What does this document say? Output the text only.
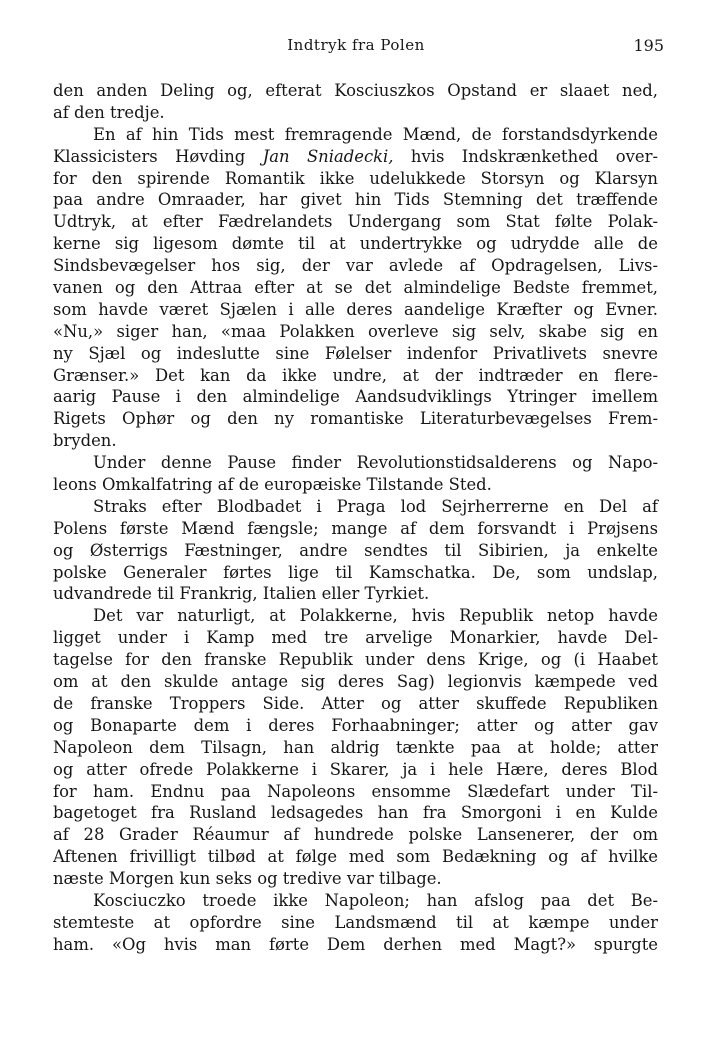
Indtryk fra Polen	195
den anden Deling og, efterat Kosciuszkos Opstand er slaaet ned,
af den tredje.
En af hin Tids mest fremragende Mænd, de forstandsdyrkende
Klassicisters Høvding Jan Sniadecki, hvis Indskrænkethed over-
for den spirende Romantik ikke udelukkede Storsyn og Klarsyn
paa andre Omraader, har givet hin Tids Stemning det træffende
Udtryk, at efter Fædrelandets Undergang som Stat følte Polak-
kerne sig ligesom dømte til at undertrykke og udrydde alle de
Sindsbevægelser hos sig, der var avlede af Opdragelsen, Livs-
vanen og den Attraa efter at se det almindelige Bedste fremmet,
som havde været Sjælen i alle deres aandelige Kræfter og Evner.
«Nu,» siger han, «maa Polakken overleve sig selv, skabe sig en
ny Sjæl og indeslutte sine Følelser indenfor Privatlivets snevre
Grænser.» Det kan da ikke undre, at der indtræder en flere-
aarig Pause i den almindelige Aandsudviklings Ytringer imellem
Rigets Ophør og den ny romantiske Literaturbevægelses Frem-
bryden.
Under denne Pause finder Revolutionstidsalderens og Napo-
leons Omkalfatring af de europæiske Tilstande Sted.
Straks efter Blodbadet i Praga lod Sejrherrerne en Del af
Polens første Mænd fængsle; mange af dem forsvandt i Prøjsens
og Østerrigs Fæstninger, andre sendtes til Sibirien, ja enkelte
polske Generaler førtes lige til Kamschatka. De, som undslap,
udvandrede til Frankrig, Italien eller Tyrkiet.
Det var naturligt, at Polakkerne, hvis Republik netop havde
ligget under i Kamp med tre arvelige Monarkier, havde Del-
tagelse for den franske Republik under dens Krige, og (i Haabet
om at den skulde antage sig deres Sag) legionvis kæmpede ved
de franske Troppers Side. Atter og atter skuffede Republiken
og Bonaparte dem i deres Forhaabninger; atter og atter gav
Napoleon dem Tilsagn, han aldrig tænkte paa at holde; atter
og atter ofrede Polakkerne i Skarer, ja i hele Hære, deres Blod
for ham. Endnu paa Napoleons ensomme Slædefart under Til-
bagetoget fra Rusland ledsagedes han fra Smorgoni i en Kulde
af 28 Grader Réaumur af hundrede polske Lansenerer, der om
Aftenen frivilligt tilbød at følge med som Bedækning og af hvilke
næste Morgen kun seks og tredive var tilbage.
Kosciuczko troede ikke Napoleon; han afslog paa det Be-
stemteste at opfordre sine Landsmænd til at kæmpe under
ham. «Og hvis man førte Dem derhen med Magt?» spurgte
